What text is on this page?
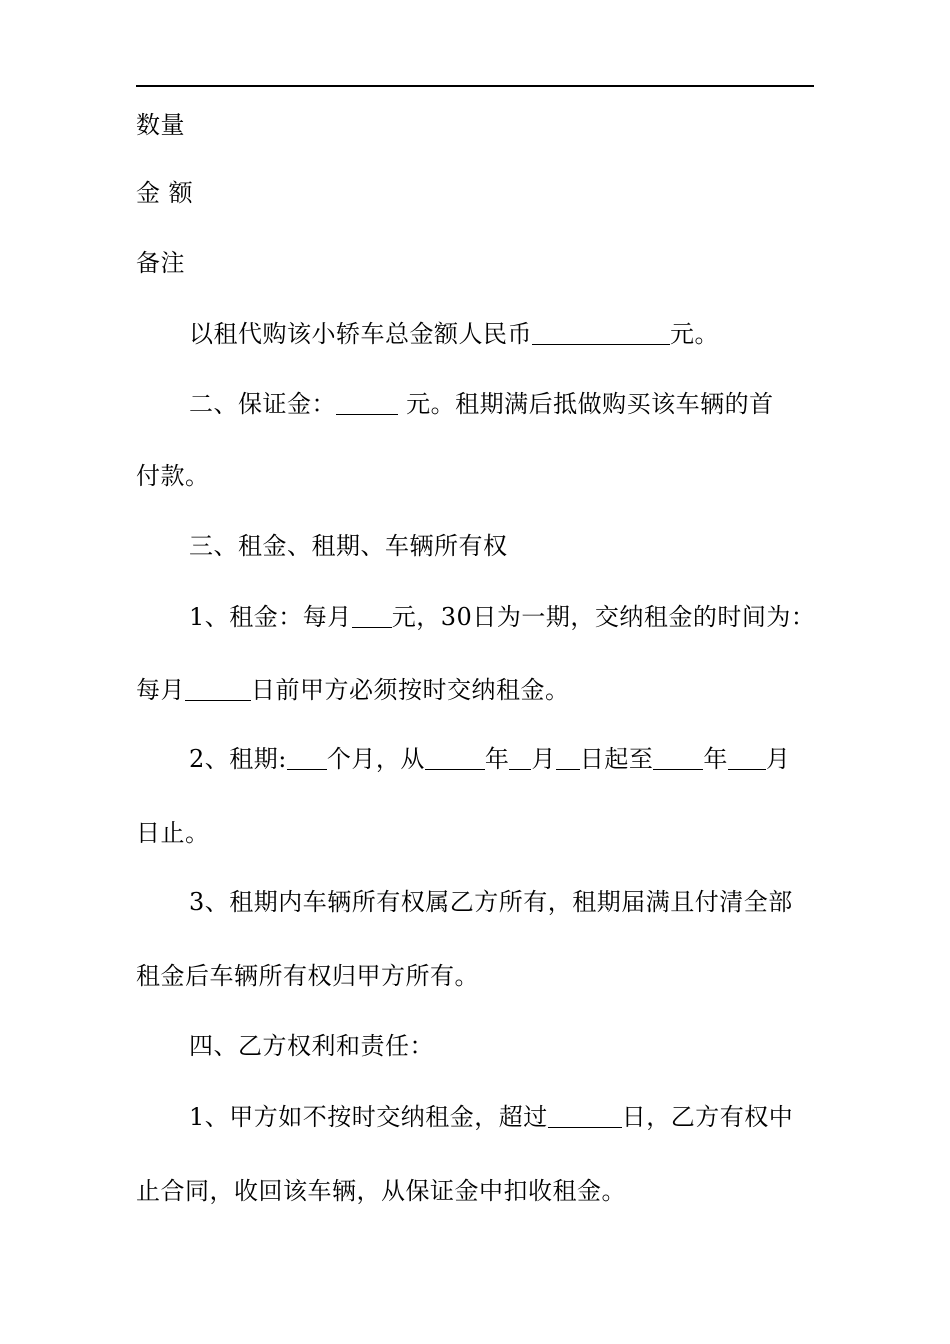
数量
金 额
备注
以租代购该小轿车总金额人民币	元。
二、保证金：	元。租期满后抵做购买该车辆的首
付款。
三、租金、租期、车辆所有权
1、租金：每月 元，30日为一期，交纳租金的时间为：
每月	日前甲方必须按时交纳租金。
2、租期: 个月，从	年 月 日起至 年 月
日止。
3、租期内车辆所有权属乙方所有，租期届满且付清全部
租金后车辆所有权归甲方所有。
四、乙方权利和责任：
1、甲方如不按时交纳租金，超过	日，乙方有权中
止合同，收回该车辆，从保证金中扣收租金。
